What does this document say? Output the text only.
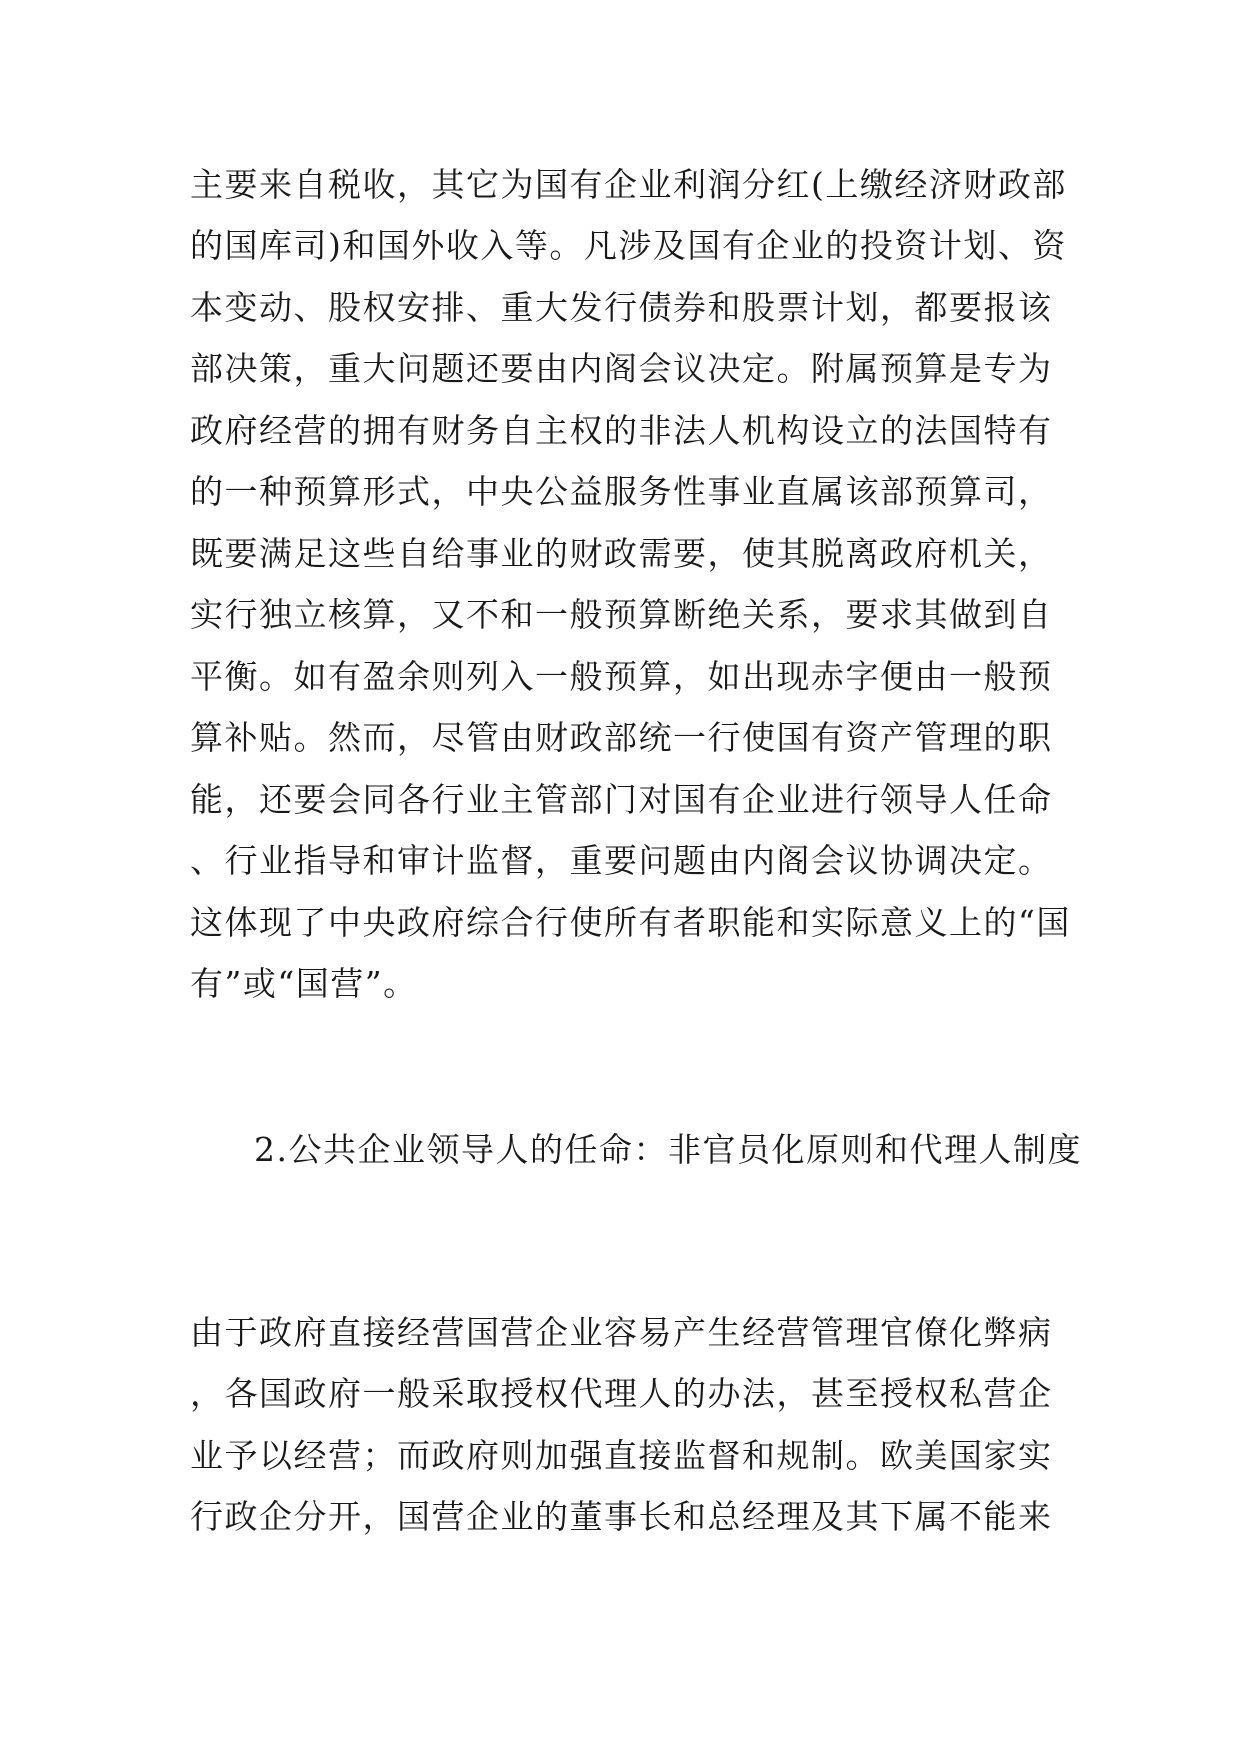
主要来自税收，其它为国有企业利润分红(上缴经济财政部
的国库司)和国外收入等。凡涉及国有企业的投资计划、资
本变动、股权安排、重大发行债券和股票计划，都要报该
部决策，重大问题还要由内阁会议决定。附属预算是专为
政府经营的拥有财务自主权的非法人机构设立的法国特有
的一种预算形式，中央公益服务性事业直属该部预算司，
既要满足这些自给事业的财政需要，使其脱离政府机关，
实行独立核算，又不和一般预算断绝关系，要求其做到自
平衡。如有盈余则列入一般预算，如出现赤字便由一般预
算补贴。然而，尽管由财政部统一行使国有资产管理的职
能，还要会同各行业主管部门对国有企业进行领导人任命
、行业指导和审计监督，重要问题由内阁会议协调决定。
这体现了中央政府综合行使所有者职能和实际意义上的“国
有”或“国营”。
2.公共企业领导人的任命：非官员化原则和代理人制度
由于政府直接经营国营企业容易产生经营管理官僚化弊病
，各国政府一般采取授权代理人的办法，甚至授权私营企
业予以经营；而政府则加强直接监督和规制。欧美国家实
行政企分开，国营企业的董事长和总经理及其下属不能来
